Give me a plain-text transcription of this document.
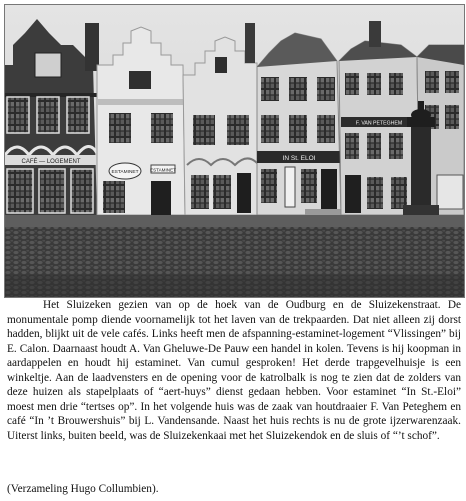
CAFÉ — LOGEMENT
ESTAMINET ESTAMINET
IN St. ELOI
F. VAN PETEGHEM

Het Sluizeken gezien van op de hoek van de Oudburg en de Sluizekenstraat. De monumentale pomp diende voornamelijk tot het laven van de trekpaarden. Dat niet alleen zij dorst hadden, blijkt uit de vele cafés. Links heeft men de afspanning-estaminet-logement “Vlissingen” bij E. Calon. Daarnaast houdt A. Van Gheluwe-De Pauw een handel in kolen. Tevens is hij koopman in aardappelen en houdt hij estaminet. Van cumul gesproken! Het derde trapgevelhuisje is een winkeltje. Aan de laadvensters en de opening voor de katrolbalk is nog te zien dat de zolders van deze huizen als stapelplaats of “aert-huys” dienst gedaan hebben. Voor estaminet “In St.-Eloi” moest men drie “tertses op”. In het volgende huis was de zaak van houtdraaier F. Van Peteghem en café “In ’t Brouwershuis” bij L. Vandensande. Naast het huis rechts is nu de grote ijzerwarenzaak. Uiterst links, buiten beeld, was de Sluizekenkaai met het Sluizekendok en de sluis of “’t schof”.

(Verzameling Hugo Collumbien).
